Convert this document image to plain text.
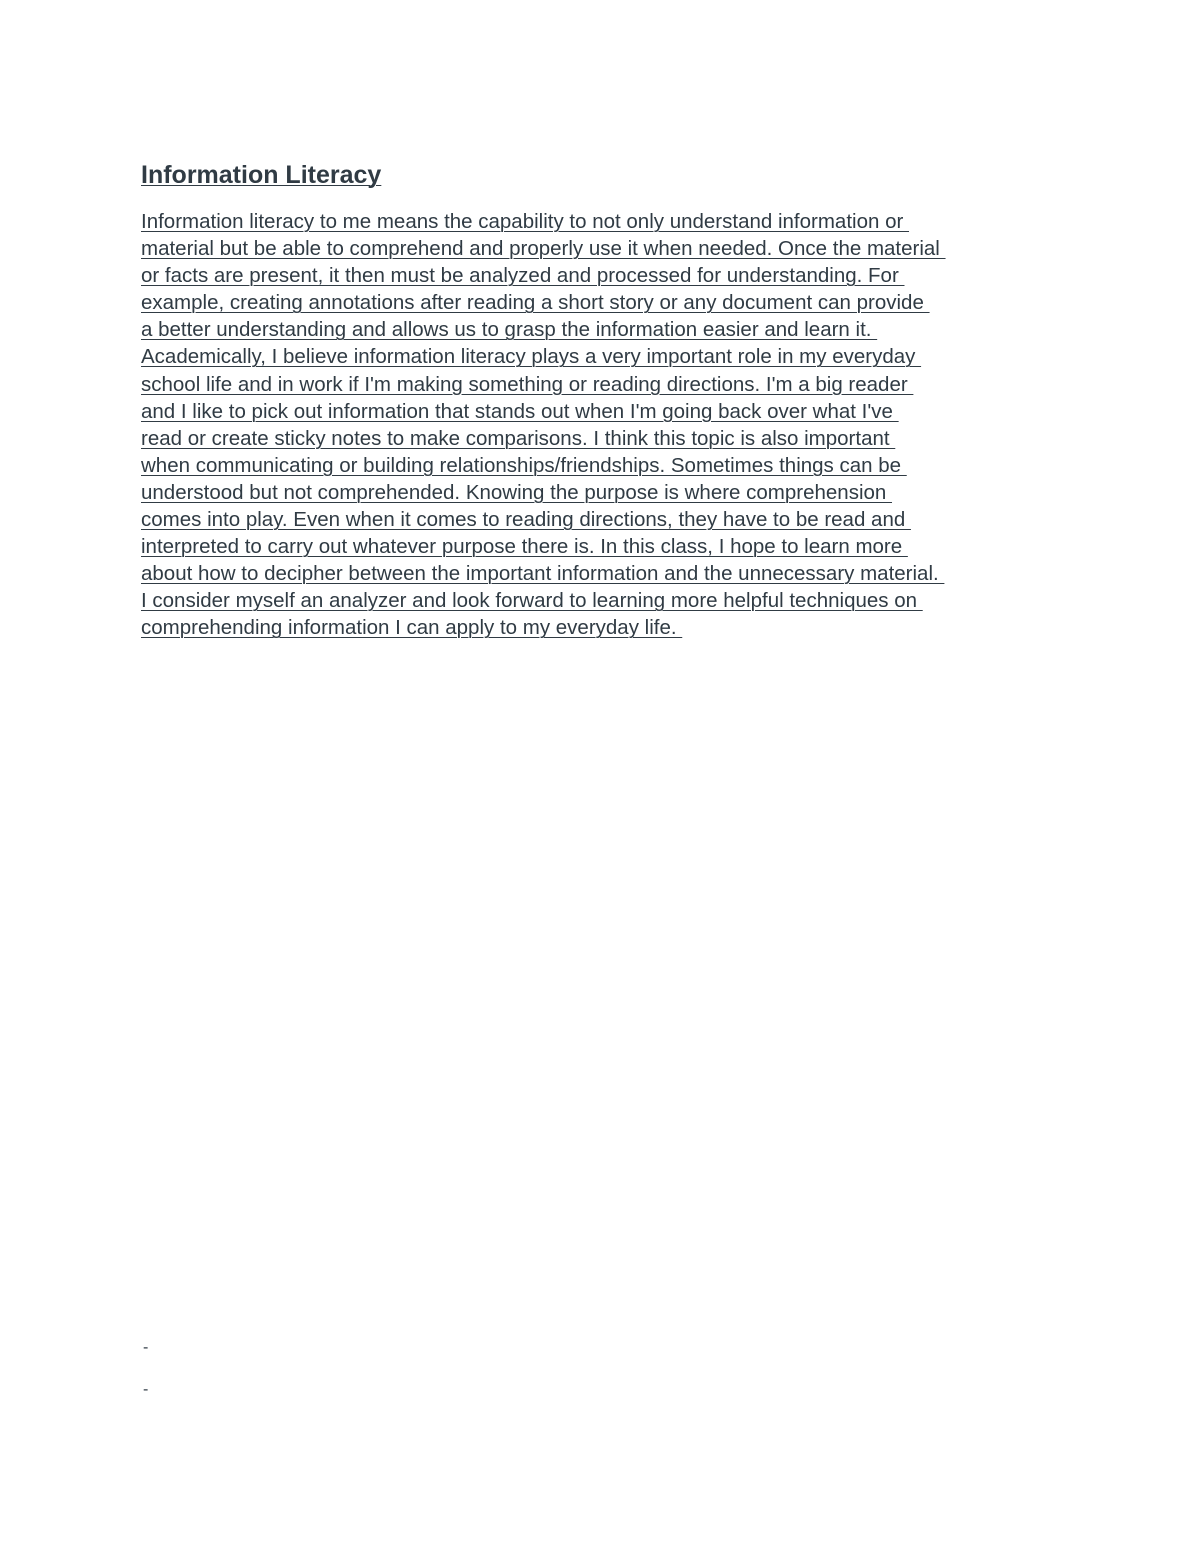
Information Literacy
Information literacy to me means the capability to not only understand information or
material but be able to comprehend and properly use it when needed. Once the material
or facts are present, it then must be analyzed and processed for understanding. For
example, creating annotations after reading a short story or any document can provide
a better understanding and allows us to grasp the information easier and learn it.
Academically, I believe information literacy plays a very important role in my everyday
school life and in work if I'm making something or reading directions. I'm a big reader
and I like to pick out information that stands out when I'm going back over what I've
read or create sticky notes to make comparisons. I think this topic is also important
when communicating or building relationships/friendships. Sometimes things can be
understood but not comprehended. Knowing the purpose is where comprehension
comes into play. Even when it comes to reading directions, they have to be read and
interpreted to carry out whatever purpose there is. In this class, I hope to learn more
about how to decipher between the important information and the unnecessary material.
I consider myself an analyzer and look forward to learning more helpful techniques on
comprehending information I can apply to my everyday life.
-
-
